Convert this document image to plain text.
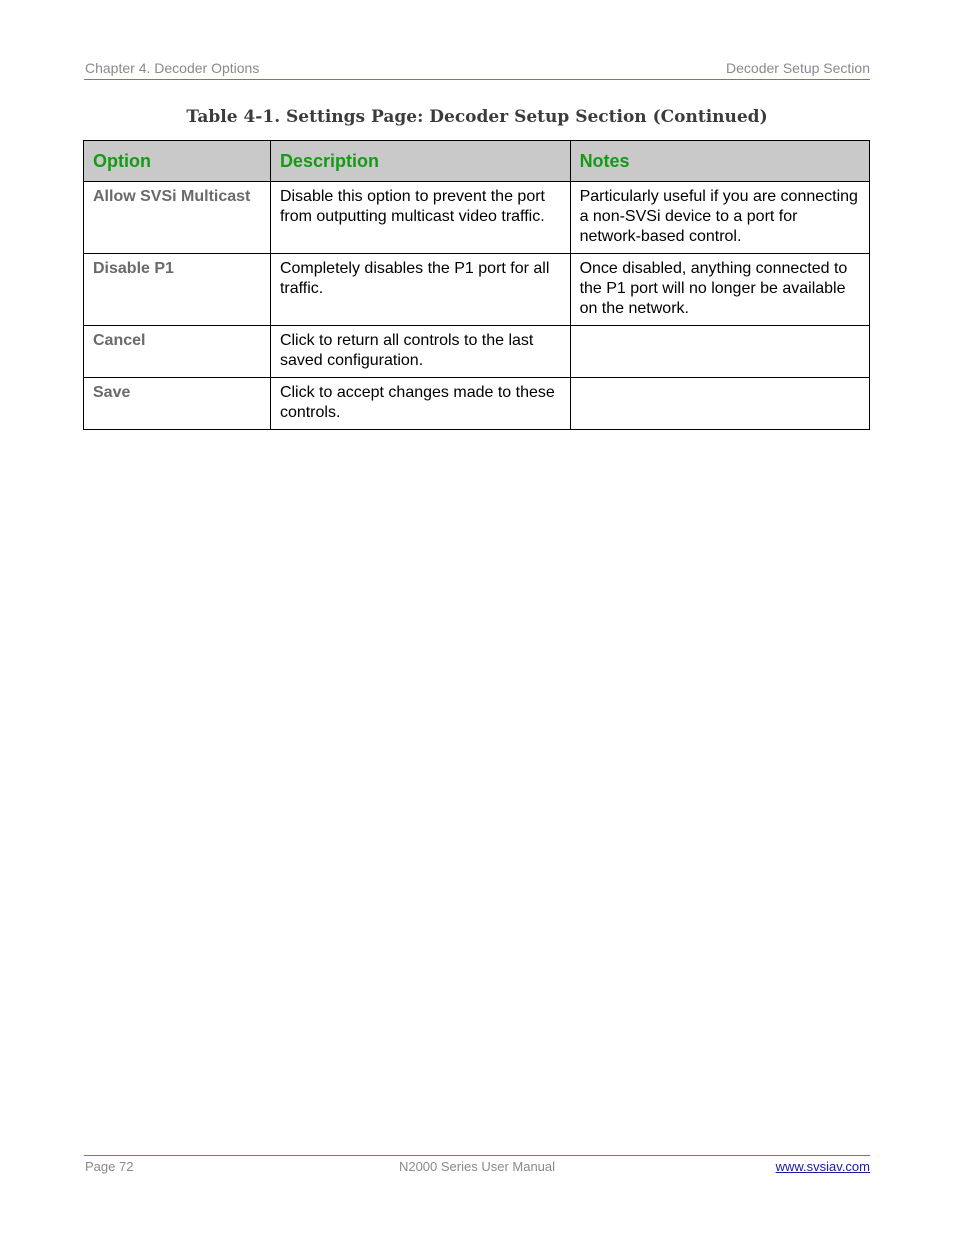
Chapter 4. Decoder Options	Decoder Setup Section
Table 4-1. Settings Page: Decoder Setup Section (Continued)
Option	Description	Notes
Allow SVSi Multicast	Disable this option to prevent the port from outputting multicast video traffic.	Particularly useful if you are connecting a non-SVSi device to a port for network-based control.
Disable P1	Completely disables the P1 port for all traffic.	Once disabled, anything connected to the P1 port will no longer be available on the network.
Cancel	Click to return all controls to the last saved configuration.	
Save	Click to accept changes made to these controls.	
Page 72	N2000 Series User Manual	www.svsiav.com
